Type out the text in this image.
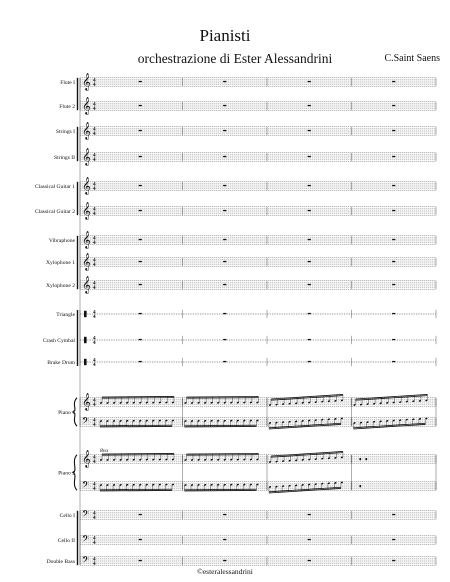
Pianisti
orchestrazione di Ester Alessandrini	C.Saint Saens
Flute I 𝄞 4
4
Flute 2 𝄞 4
4
Strings I 𝄞 4
4
Strings II 𝄞 4
4
Classical Guitar 1 𝄞 4
4
Classical Guitar 2 𝄞 4
4
Vibraphone 𝄞 4
4
Xylophone 1 𝄞 4
4
Xylophone 2 𝄞 4
4
Triangle	4
4
Crash Cymbal	4
4
Brake Drum	4
4
Piano 1
𝄞 4
4
𝄢 4
4
Piano 2
𝄞 4
4
𝄢 4
4
8va
Cello I 𝄢 4
4
Cello II 𝄢 4
4
Double Bass 𝄢 4
4
©esteralessandrini
